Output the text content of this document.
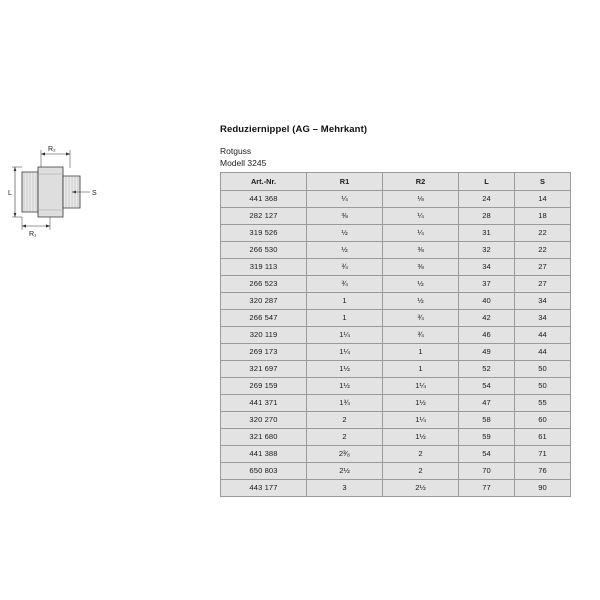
R₂
L	S
R₁
Reduziernippel (AG – Mehrkant)
Rotguss
Modell 3245
Art.-Nr.	R1	R2	L	S
441 368	¼	⅛	24	14
282 127	⅜	¼	28	18
319 526	½	¼	31	22
266 530	½	⅜	32	22
319 113	¾	⅜	34	27
266 523	¾	½	37	27
320 287	1	½	40	34
266 547	1	¾	42	34
320 119	1¼	¾	46	44
269 173	1¼	1	49	44
321 697	1½	1	52	50
269 159	1½	1¼	54	50
441 371	1¾	1½	47	55
320 270	2	1¼	58	60
321 680	2	1½	59	61
441 388	2³⁄₈	2	54	71
650 803	2½	2	70	76
443 177	3	2½	77	90
